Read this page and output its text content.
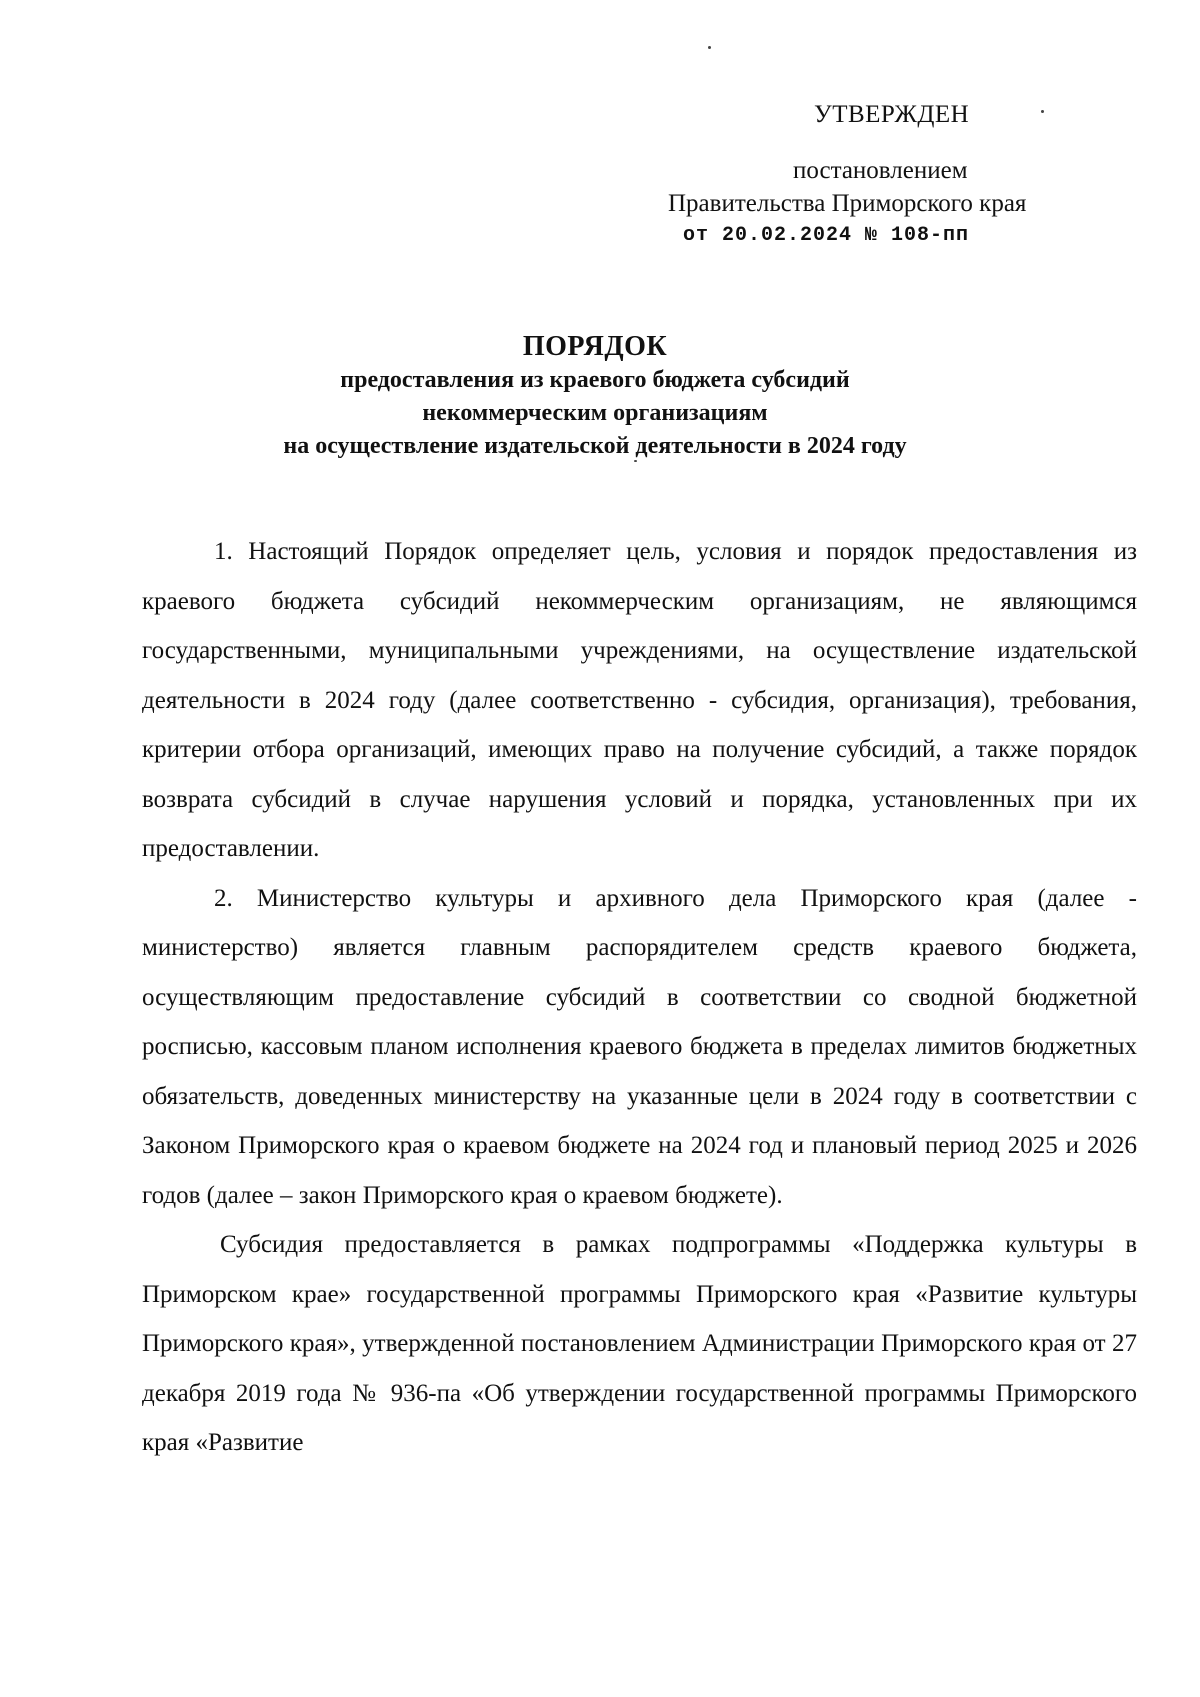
УТВЕРЖДЕН
постановлением
Правительства Приморского края
от 20.02.2024 № 108-пп
ПОРЯДОК
предоставления из краевого бюджета субсидий
некоммерческим организациям
на осуществление издательской деятельности в 2024 году

1. Настоящий Порядок определяет цель, условия и порядок предоставления из краевого бюджета субсидий некоммерческим организациям, не являющимся государственными, муниципальными учреждениями, на осуществление издательской деятельности в 2024 году (далее соответственно - субсидия, организация), требования, критерии отбора организаций, имеющих право на получение субсидий, а также порядок возврата субсидий в случае нарушения условий и порядка, установленных при их предоставлении.

2. Министерство культуры и архивного дела Приморского края (далее - министерство) является главным распорядителем средств краевого бюджета, осуществляющим предоставление субсидий в соответствии со сводной бюджетной росписью, кассовым планом исполнения краевого бюджета в пределах лимитов бюджетных обязательств, доведенных министерству на указанные цели в 2024 году в соответствии с Законом Приморского края о краевом бюджете на 2024 год и плановый период 2025 и 2026 годов (далее – закон Приморского края о краевом бюджете).

Субсидия предоставляется в рамках подпрограммы «Поддержка культуры в Приморском крае» государственной программы Приморского края «Развитие культуры Приморского края», утвержденной постановлением Администрации Приморского края от 27 декабря 2019 года № 936-па «Об утверждении государственной программы Приморского края «Развитие
